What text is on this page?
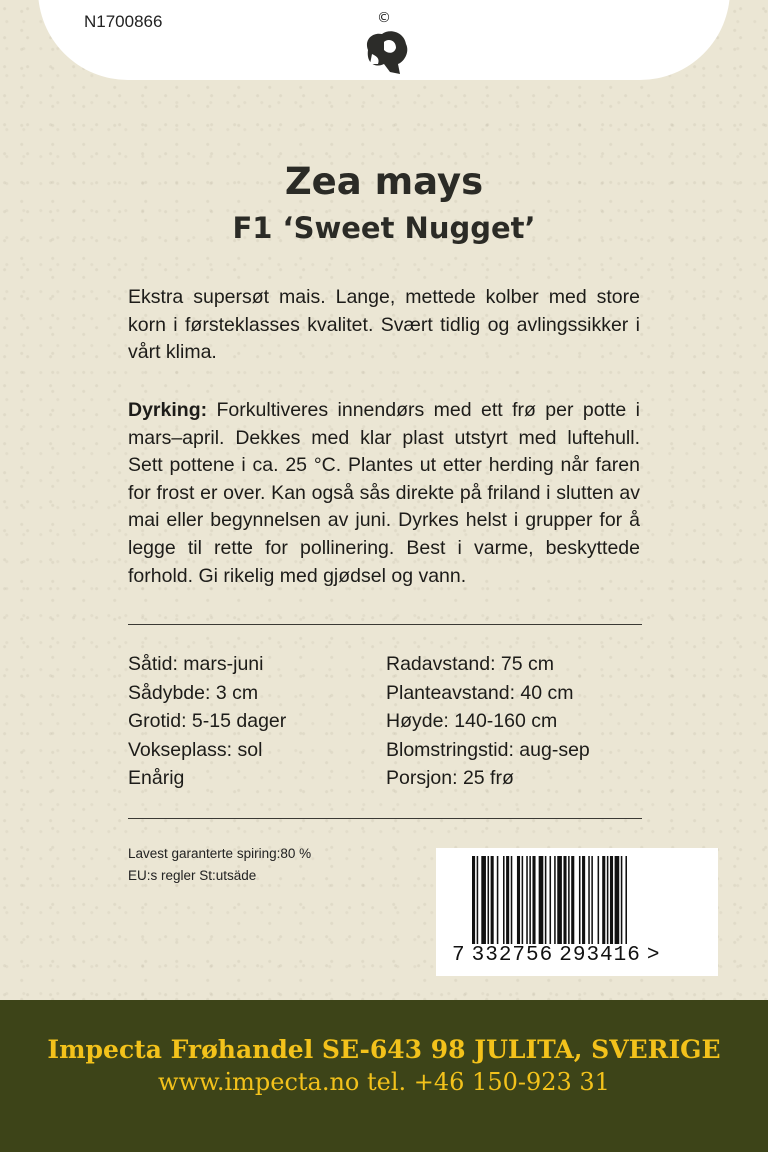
N1700866	©
Zea mays
F1 ‘Sweet Nugget’
Ekstra supersøt mais. Lange, mettede kolber med store korn i førsteklasses kvalitet. Svært tidlig og avlingssikker i vårt klima.
Dyrking: Forkultiveres innendørs med ett frø per potte i mars–april. Dekkes med klar plast utstyrt med luftehull. Sett pottene i ca. 25 °C. Plantes ut etter herding når faren for frost er over. Kan også sås direkte på friland i slutten av mai eller begynnelsen av juni. Dyrkes helst i grupper for å legge til rette for pollinering. Best i varme, beskyttede forhold. Gi rikelig med gjødsel og vann.
Såtid: mars-juni
Sådybde: 3 cm
Grotid: 5-15 dager
Vokseplass: sol
Enårig
Radavstand: 75 cm
Planteavstand: 40 cm
Høyde: 140-160 cm
Blomstringstid: aug-sep
Porsjon: 25 frø
Lavest garanterte spiring:80 %
EU:s regler St:utsäde
7 332756 293416 >
Impecta Frøhandel SE-643 98 JULITA, SVERIGE
www.impecta.no tel. +46 150-923 31
